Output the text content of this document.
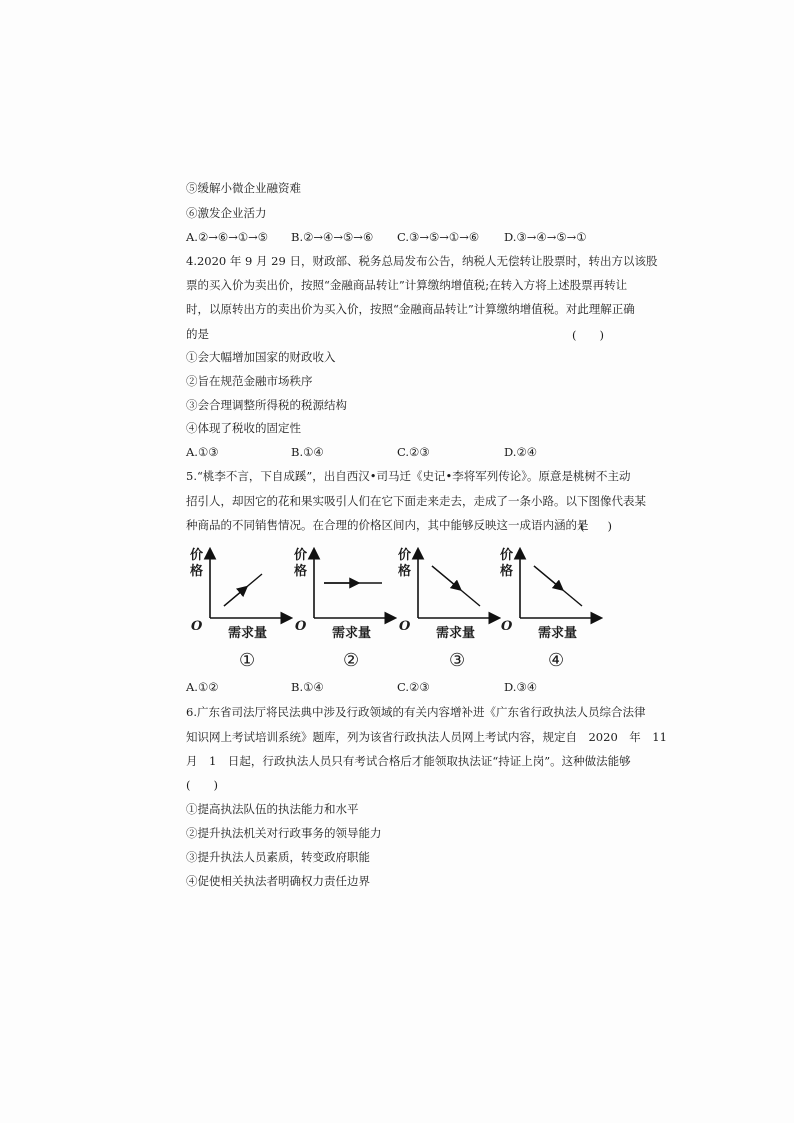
⑤缓解小微企业融资难
⑥激发企业活力
A.②→⑥→①→⑤ B.②→④→⑤→⑥ C.③→⑤→①→⑥ D.③→④→⑤→①
4.2020 年 9 月 29 日，财政部、税务总局发布公告，纳税人无偿转让股票时，转出方以该股
票的买入价为卖出价，按照“金融商品转让”计算缴纳增值税;在转入方将上述股票再转让
时，以原转出方的卖出价为买入价，按照“金融商品转让”计算缴纳增值税。对此理解正确
的是	(　　)
①会大幅增加国家的财政收入
②旨在规范金融市场秩序
③会合理调整所得税的税源结构
④体现了税收的固定性
A.①③	B.①④	C.②③	D.②④
5.“桃李不言，下自成蹊”，出自西汉•司马迁《史记•李将军列传论》。原意是桃树不主动
招引人，却因它的花和果实吸引人们在它下面走来走去，走成了一条小路。以下图像代表某
种商品的不同销售情况。在合理的价格区间内，其中能够反映这一成语内涵的是
(　　)
价
格
O 需求量
价
格
O 需求量
价
格
O 需求量
价
格
O 需求量
①	②	③	④
A.①②	B.①④	C.②③	D.③④
6.广东省司法厅将民法典中涉及行政领域的有关内容增补进《广东省行政执法人员综合法律
知识网上考试培训系统》题库，列为该省行政执法人员网上考试内容，规定自　2020　年　11
月　1　日起，行政执法人员只有考试合格后才能领取执法证“持证上岗”。这种做法能够
(　　)
①提高执法队伍的执法能力和水平
②提升执法机关对行政事务的领导能力
③提升执法人员素质，转变政府职能
④促使相关执法者明确权力责任边界
